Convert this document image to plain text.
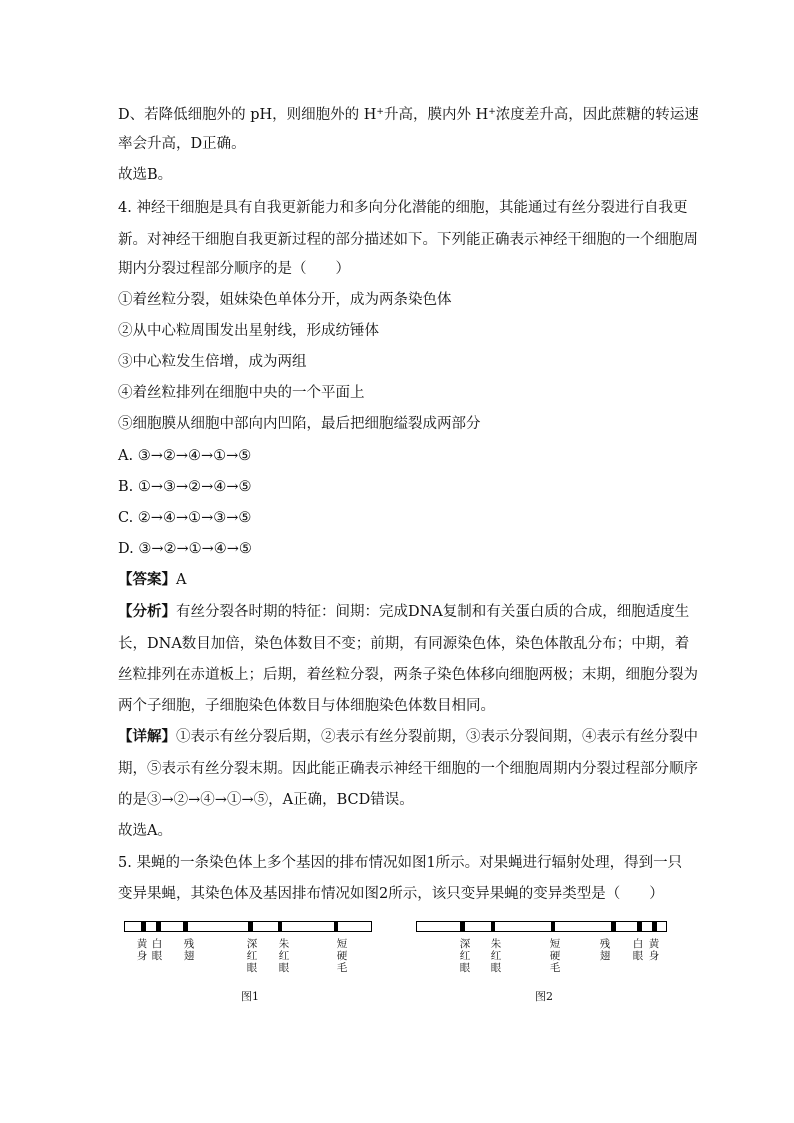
D、若降低细胞外的 pH，则细胞外的 H+升高，膜内外 H+浓度差升高，因此蔗糖的转运速
率会升高，D正确。
故选B。
4. 神经干细胞是具有自我更新能力和多向分化潜能的细胞，其能通过有丝分裂进行自我更
新。对神经干细胞自我更新过程的部分描述如下。下列能正确表示神经干细胞的一个细胞周
期内分裂过程部分顺序的是（　　）
①着丝粒分裂，姐妹染色单体分开，成为两条染色体
②从中心粒周围发出星射线，形成纺锤体
③中心粒发生倍增，成为两组
④着丝粒排列在细胞中央的一个平面上
⑤细胞膜从细胞中部向内凹陷，最后把细胞缢裂成两部分
A. ③→②→④→①→⑤
B. ①→③→②→④→⑤
C. ②→④→①→③→⑤
D. ③→②→①→④→⑤
【答案】A
【分析】有丝分裂各时期的特征：间期：完成DNA复制和有关蛋白质的合成，细胞适度生
长，DNA数目加倍，染色体数目不变；前期，有同源染色体，染色体散乱分布；中期，着
丝粒排列在赤道板上；后期，着丝粒分裂，两条子染色体移向细胞两极；末期，细胞分裂为
两个子细胞，子细胞染色体数目与体细胞染色体数目相同。
【详解】①表示有丝分裂后期，②表示有丝分裂前期，③表示分裂间期，④表示有丝分裂中
期，⑤表示有丝分裂末期。因此能正确表示神经干细胞的一个细胞周期内分裂过程部分顺序
的是③→②→④→①→⑤，A正确，BCD错误。
故选A。
5. 果蝇的一条染色体上多个基因的排布情况如图1所示。对果蝇进行辐射处理，得到一只
变异果蝇，其染色体及基因排布情况如图2所示，该只变异果蝇的变异类型是（　　）
黄身
白眼
残翅
深红眼
朱红眼
短硬毛
图1
深红眼
朱红眼
短硬毛
残翅
白眼
黄身
图2
